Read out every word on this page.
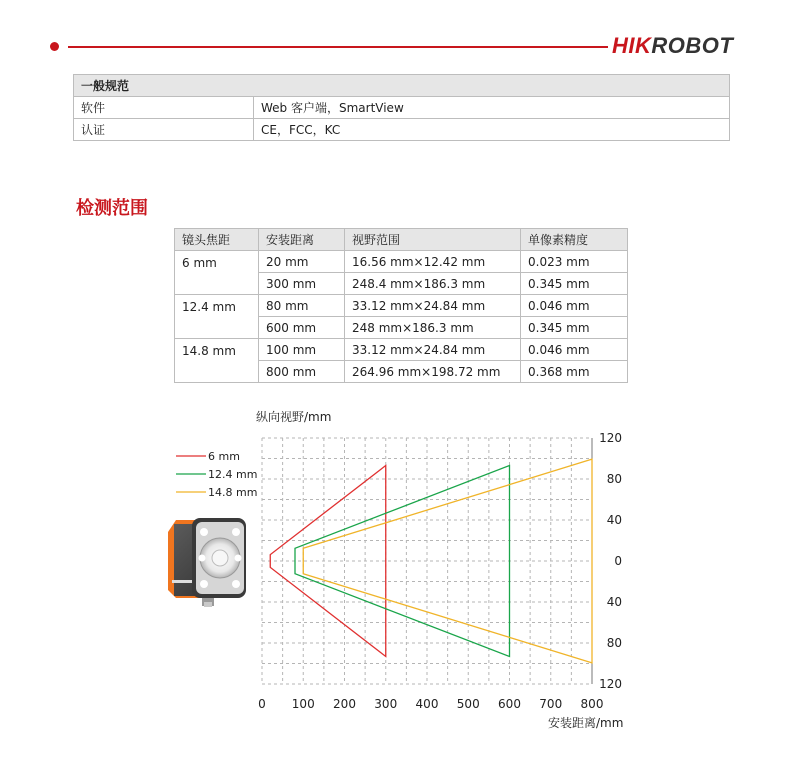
HIKROBOT
一般规范	
软件	Web 客户端，SmartView
认证	CE，FCC，KC
检测范围
镜头焦距	安装距离	视野范围	单像素精度
6 mm	20 mm	16.56 mm×12.42 mm	0.023 mm
	300 mm	248.4 mm×186.3 mm	0.345 mm
12.4 mm	80 mm	33.12 mm×24.84 mm	0.046 mm
	600 mm	248 mm×186.3 mm	0.345 mm
14.8 mm	100 mm	33.12 mm×24.84 mm	0.046 mm
	800 mm	264.96 mm×198.72 mm	0.368 mm
0 100 200 300 400 500 600 700 800
120
80
40
0
40
80
120
纵向视野/mm
安装距离/mm
6 mm
12.4 mm
14.8 mm
